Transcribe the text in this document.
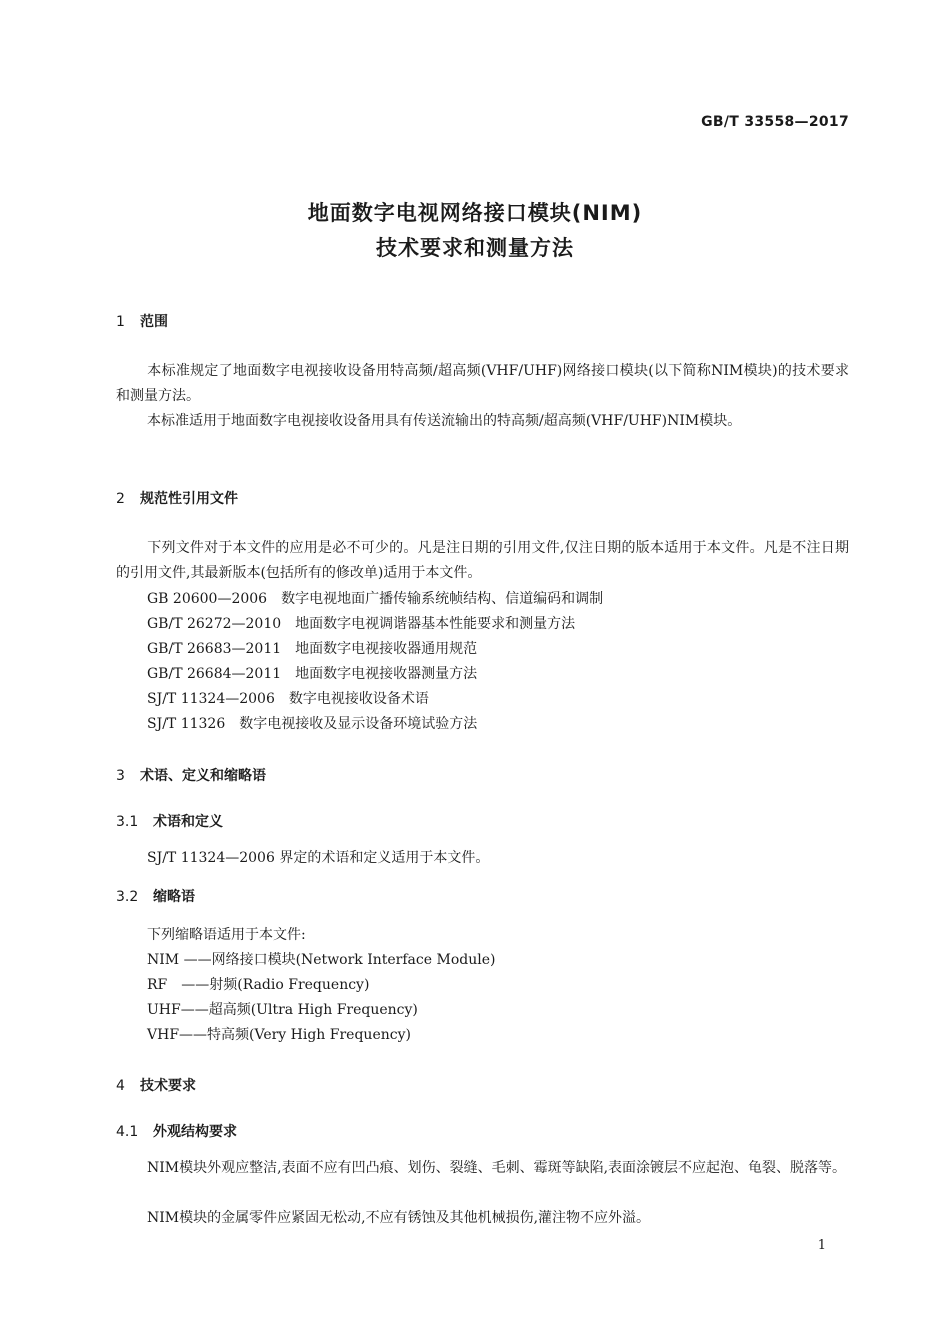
GB/T 33558—2017
地面数字电视网络接口模块(NIM)
技术要求和测量方法
1 范围
本标准规定了地面数字电视接收设备用特高频/超高频(VHF/UHF)网络接口模块(以下简称NIM模块)的技术要求和测量方法。
本标准适用于地面数字电视接收设备用具有传送流输出的特高频/超高频(VHF/UHF)NIM模块。
2 规范性引用文件
下列文件对于本文件的应用是必不可少的。凡是注日期的引用文件,仅注日期的版本适用于本文件。凡是不注日期的引用文件,其最新版本(包括所有的修改单)适用于本文件。
GB 20600—2006　数字电视地面广播传输系统帧结构、信道编码和调制
GB/T 26272—2010　地面数字电视调谐器基本性能要求和测量方法
GB/T 26683—2011　地面数字电视接收器通用规范
GB/T 26684—2011　地面数字电视接收器测量方法
SJ/T 11324—2006　数字电视接收设备术语
SJ/T 11326　数字电视接收及显示设备环境试验方法
3 术语、定义和缩略语
3.1 术语和定义
SJ/T 11324—2006 界定的术语和定义适用于本文件。
3.2 缩略语
下列缩略语适用于本文件:
NIM ——网络接口模块(Network Interface Module)
RF　——射频(Radio Frequency)
UHF——超高频(Ultra High Frequency)
VHF——特高频(Very High Frequency)
4 技术要求
4.1 外观结构要求
NIM模块外观应整洁,表面不应有凹凸痕、划伤、裂缝、毛刺、霉斑等缺陷,表面涂镀层不应起泡、龟裂、脱落等。
NIM模块的金属零件应紧固无松动,不应有锈蚀及其他机械损伤,灌注物不应外溢。
1
